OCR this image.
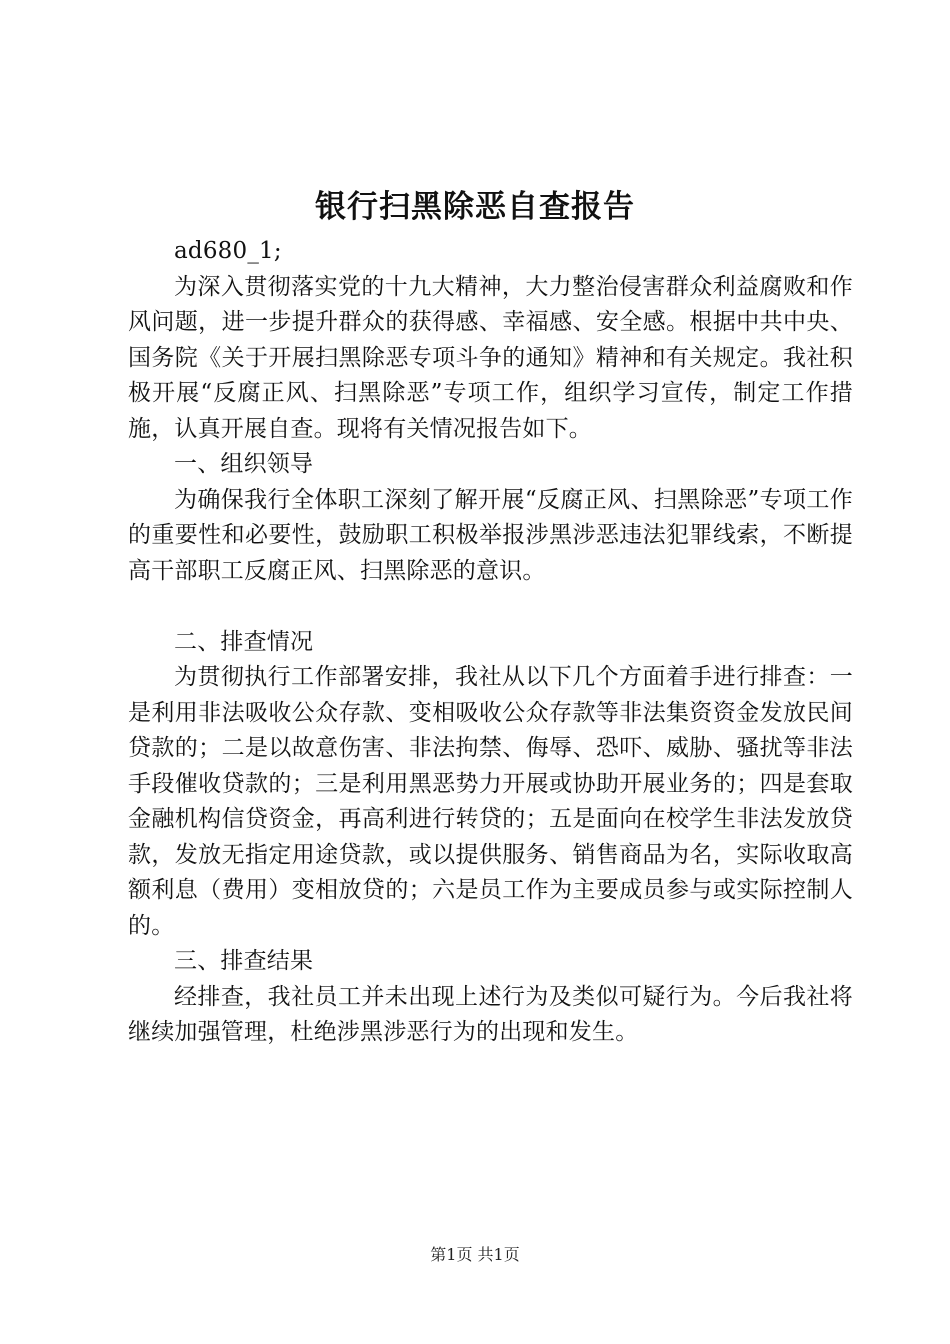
银行扫黑除恶自查报告

ad680_1;

为深入贯彻落实党的十九大精神，大力整治侵害群众利益腐败和作风问题，进一步提升群众的获得感、幸福感、安全感。根据中共中央、国务院《关于开展扫黑除恶专项斗争的通知》精神和有关规定。我社积极开展“反腐正风、扫黑除恶”专项工作，组织学习宣传，制定工作措施，认真开展自查。现将有关情况报告如下。

一、组织领导

为确保我行全体职工深刻了解开展“反腐正风、扫黑除恶”专项工作的重要性和必要性，鼓励职工积极举报涉黑涉恶违法犯罪线索，不断提高干部职工反腐正风、扫黑除恶的意识。

二、排查情况

为贯彻执行工作部署安排，我社从以下几个方面着手进行排查：一是利用非法吸收公众存款、变相吸收公众存款等非法集资资金发放民间贷款的；二是以故意伤害、非法拘禁、侮辱、恐吓、威胁、骚扰等非法手段催收贷款的；三是利用黑恶势力开展或协助开展业务的；四是套取金融机构信贷资金，再高利进行转贷的；五是面向在校学生非法发放贷款，发放无指定用途贷款，或以提供服务、销售商品为名，实际收取高额利息（费用）变相放贷的；六是员工作为主要成员参与或实际控制人的。

三、排查结果

经排查，我社员工并未出现上述行为及类似可疑行为。今后我社将继续加强管理，杜绝涉黑涉恶行为的出现和发生。

第1页 共1页
